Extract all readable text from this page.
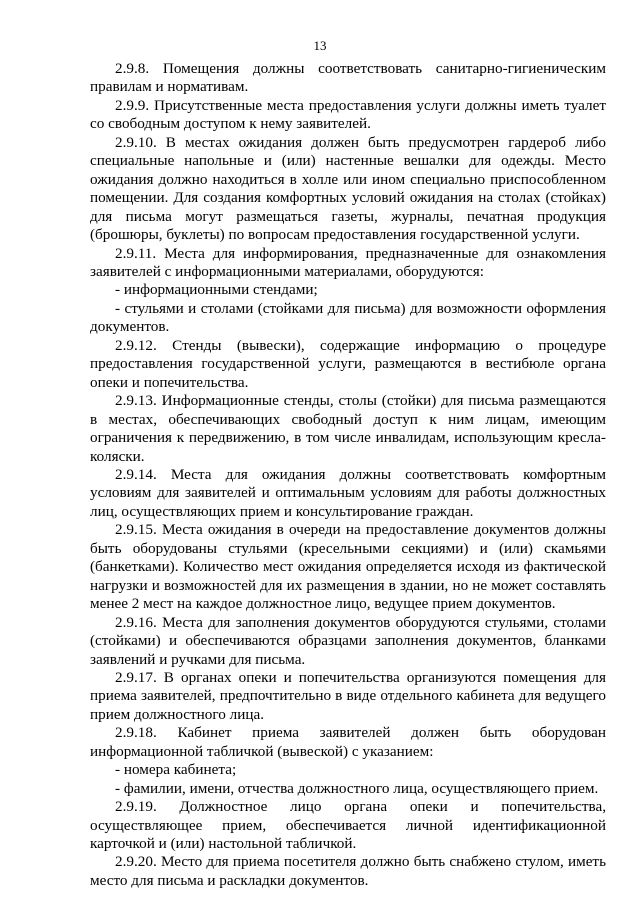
13

2.9.8. Помещения должны соответствовать санитарно-гигиеническим правилам и нормативам.

2.9.9. Присутственные места предоставления услуги должны иметь туалет со свободным доступом к нему заявителей.

2.9.10. В местах ожидания должен быть предусмотрен гардероб либо специальные напольные и (или) настенные вешалки для одежды. Место ожидания должно находиться в холле или ином специально приспособленном помещении. Для создания комфортных условий ожидания на столах (стойках) для письма могут размещаться газеты, журналы, печатная продукция (брошюры, буклеты) по вопросам предоставления государственной услуги.

2.9.11. Места для информирования, предназначенные для ознакомления заявителей с информационными материалами, оборудуются:

- информационными стендами;

- стульями и столами (стойками для письма) для возможности оформления документов.

2.9.12. Стенды (вывески), содержащие информацию о процедуре предоставления государственной услуги, размещаются в вестибюле органа опеки и попечительства.

2.9.13. Информационные стенды, столы (стойки) для письма размещаются в местах, обеспечивающих свободный доступ к ним лицам, имеющим ограничения к передвижению, в том числе инвалидам, использующим кресла-коляски.

2.9.14. Места для ожидания должны соответствовать комфортным условиям для заявителей и оптимальным условиям для работы должностных лиц, осуществляющих прием и консультирование граждан.

2.9.15. Места ожидания в очереди на предоставление документов должны быть оборудованы стульями (кресельными секциями) и (или) скамьями (банкетками). Количество мест ожидания определяется исходя из фактической нагрузки и возможностей для их размещения в здании, но не может составлять менее 2 мест на каждое должностное лицо, ведущее прием документов.

2.9.16. Места для заполнения документов оборудуются стульями, столами (стойками) и обеспечиваются образцами заполнения документов, бланками заявлений и ручками для письма.

2.9.17. В органах опеки и попечительства организуются помещения для приема заявителей, предпочтительно в виде отдельного кабинета для ведущего прием должностного лица.

2.9.18. Кабинет приема заявителей должен быть оборудован информационной табличкой (вывеской) с указанием:

- номера кабинета;

- фамилии, имени, отчества должностного лица, осуществляющего прием.

2.9.19. Должностное лицо органа опеки и попечительства, осуществляющее прием, обеспечивается личной идентификационной карточкой и (или) настольной табличкой.

2.9.20. Место для приема посетителя должно быть снабжено стулом, иметь место для письма и раскладки документов.
